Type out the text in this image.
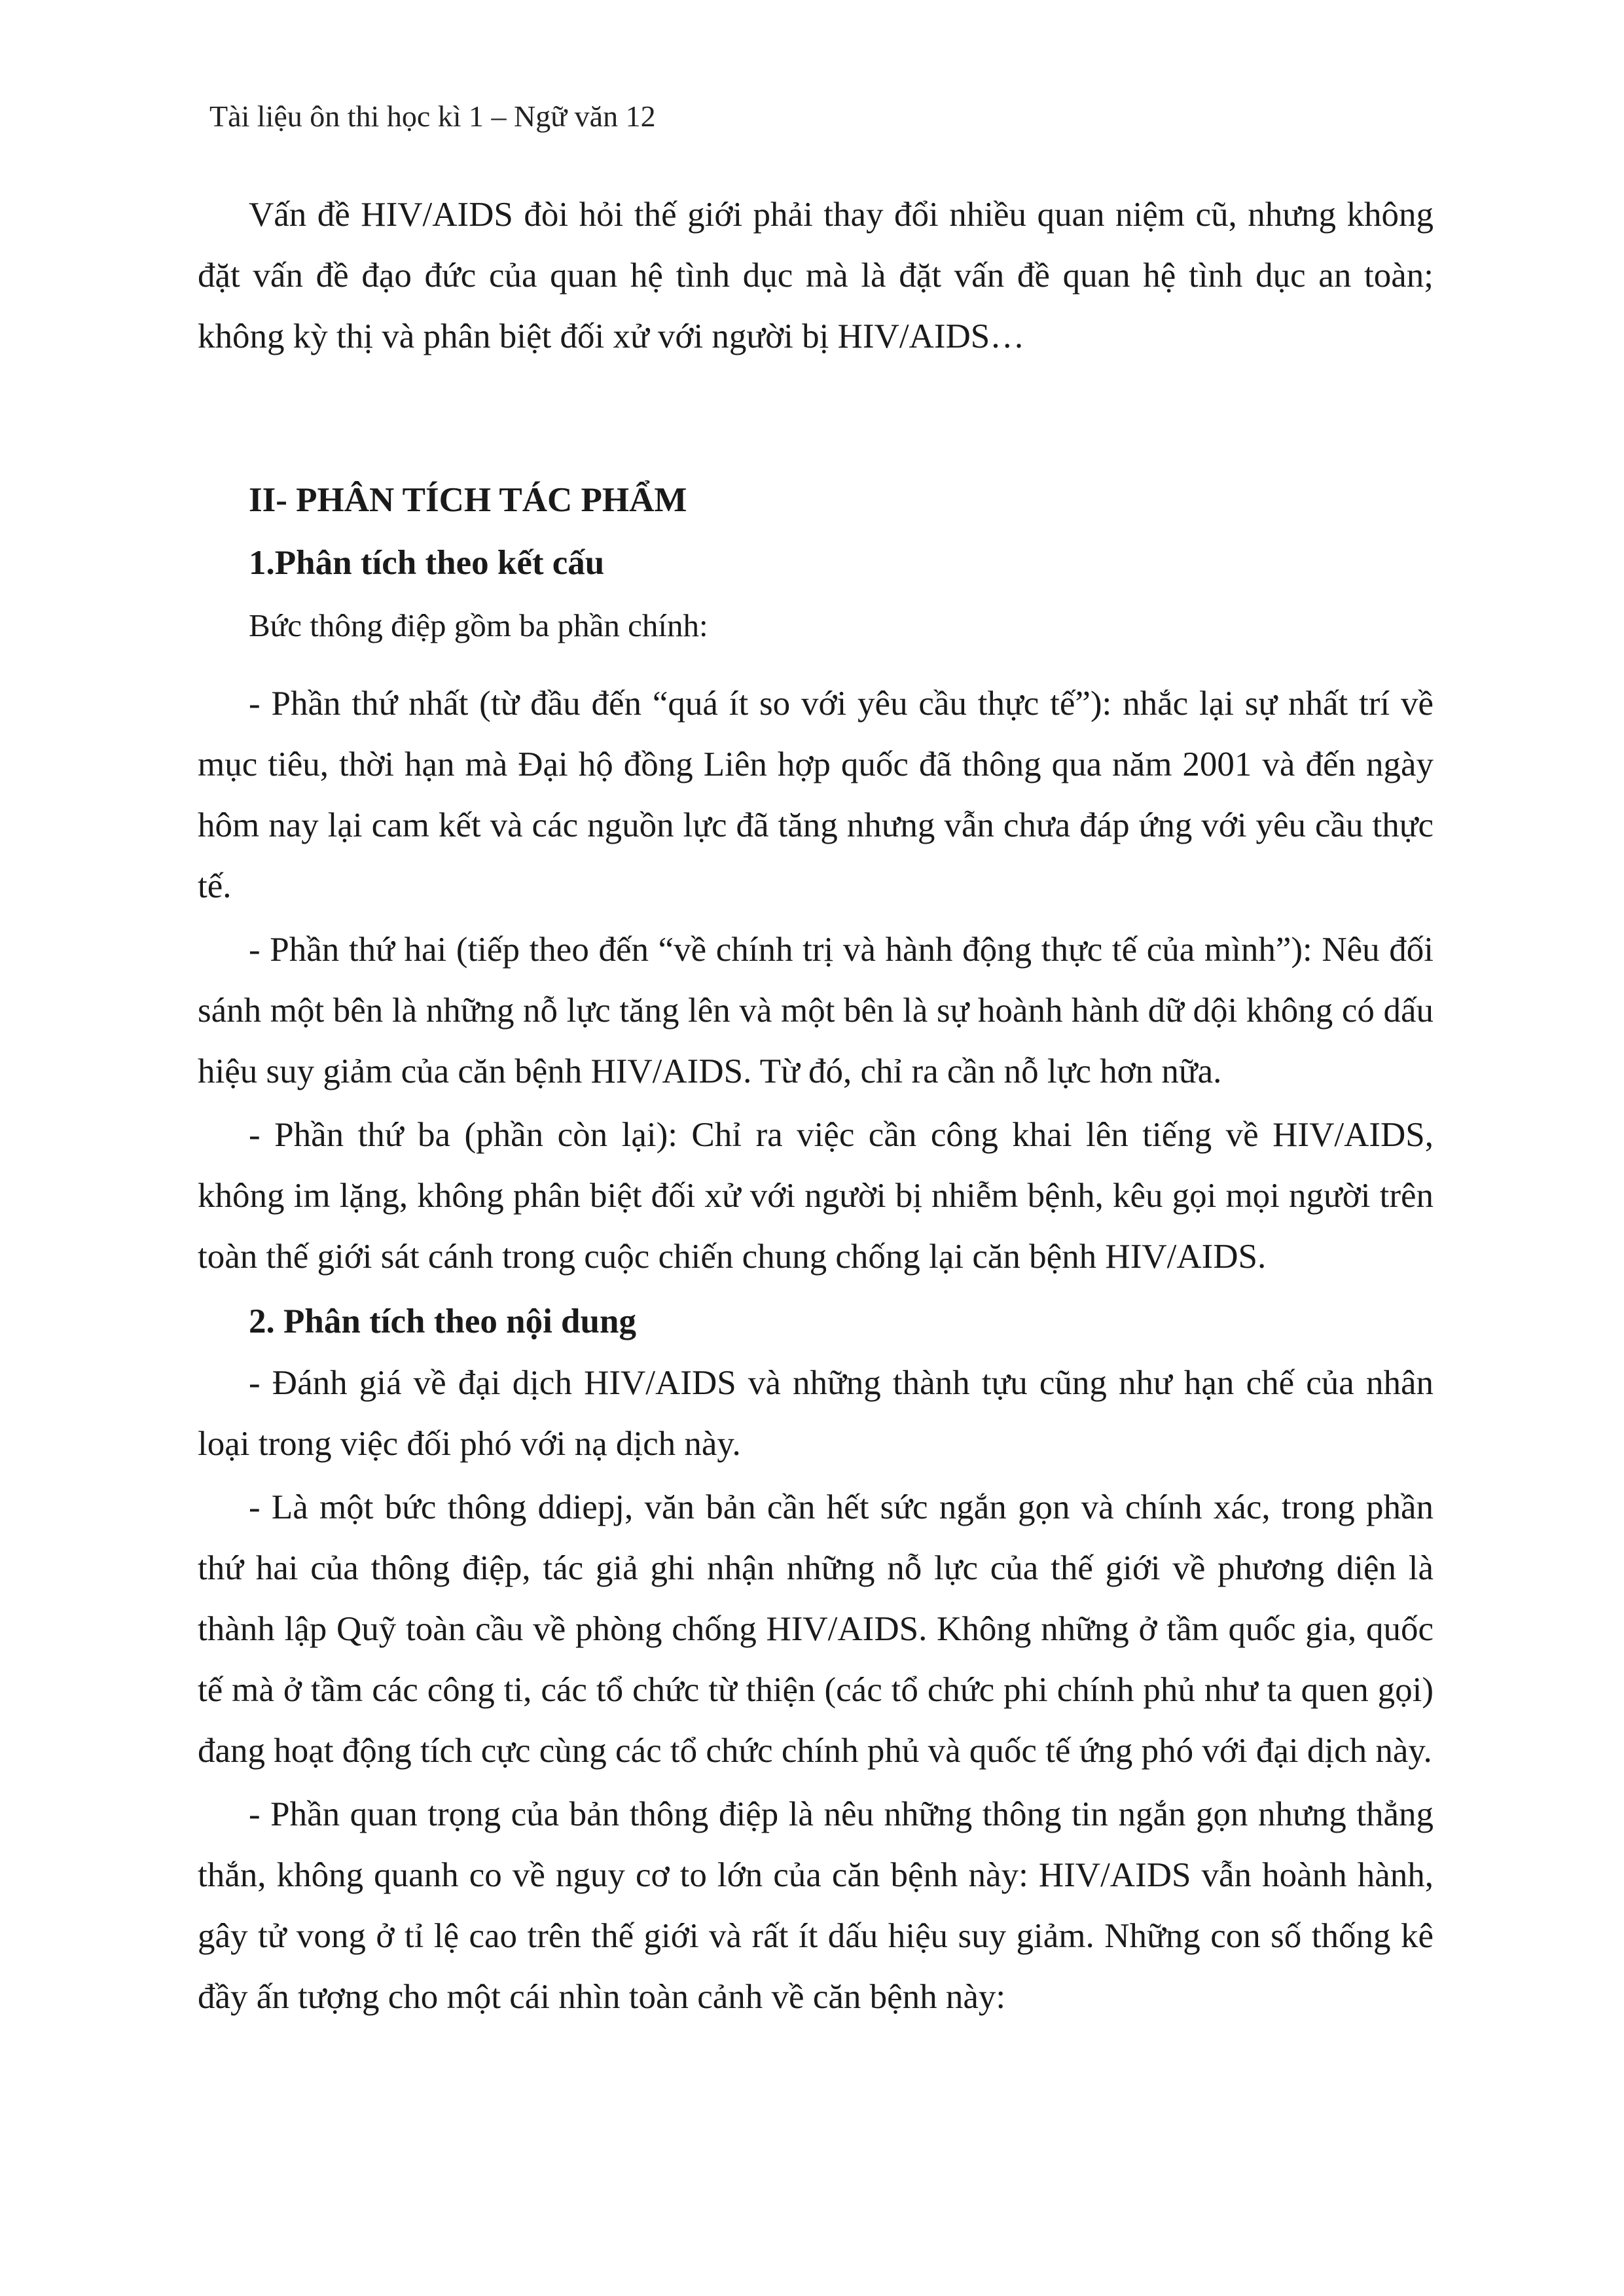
Tài liệu ôn thi học kì 1 – Ngữ văn 12

Vấn đề HIV/AIDS đòi hỏi thế giới phải thay đổi nhiều quan niệm cũ, nhưng không đặt vấn đề đạo đức của quan hệ tình dục mà là đặt vấn đề quan hệ tình dục an toàn; không kỳ thị và phân biệt đối xử với người bị HIV/AIDS…

II- PHÂN TÍCH TÁC PHẨM
1.Phân tích theo kết cấu

Bức thông điệp gồm ba phần chính:

- Phần thứ nhất (từ đầu đến “quá ít so với yêu cầu thực tế”): nhắc lại sự nhất trí về mục tiêu, thời hạn mà Đại hộ đồng Liên hợp quốc đã thông qua năm 2001 và đến ngày hôm nay lại cam kết và các nguồn lực đã tăng nhưng vẫn chưa đáp ứng với yêu cầu thực tế.

- Phần thứ hai (tiếp theo đến “về chính trị và hành động thực tế của mình”): Nêu đối sánh một bên là những nỗ lực tăng lên và một bên là sự hoành hành dữ dội không có dấu hiệu suy giảm của căn bệnh HIV/AIDS. Từ đó, chỉ ra cần nỗ lực hơn nữa.

- Phần thứ ba (phần còn lại): Chỉ ra việc cần công khai lên tiếng về HIV/AIDS, không im lặng, không phân biệt đối xử với người bị nhiễm bệnh, kêu gọi mọi người trên toàn thế giới sát cánh trong cuộc chiến chung chống lại căn bệnh HIV/AIDS.

2. Phân tích theo nội dung

- Đánh giá về đại dịch HIV/AIDS và những thành tựu cũng như hạn chế của nhân loại trong việc đối phó với nạ dịch này.

- Là một bức thông ddiepj, văn bản cần hết sức ngắn gọn và chính xác, trong phần thứ hai của thông điệp, tác giả ghi nhận những nỗ lực của thế giới về phương diện là thành lập Quỹ toàn cầu về phòng chống HIV/AIDS. Không những ở tầm quốc gia, quốc tế mà ở tầm các công ti, các tổ chức từ thiện (các tổ chức phi chính phủ như ta quen gọi) đang hoạt động tích cực cùng các tổ chức chính phủ và quốc tế ứng phó với đại dịch này.

- Phần quan trọng của bản thông điệp là nêu những thông tin ngắn gọn nhưng thẳng thắn, không quanh co về nguy cơ to lớn của căn bệnh này: HIV/AIDS vẫn hoành hành, gây tử vong ở tỉ lệ cao trên thế giới và rất ít dấu hiệu suy giảm. Những con số thống kê đầy ấn tượng cho một cái nhìn toàn cảnh về căn bệnh này:
